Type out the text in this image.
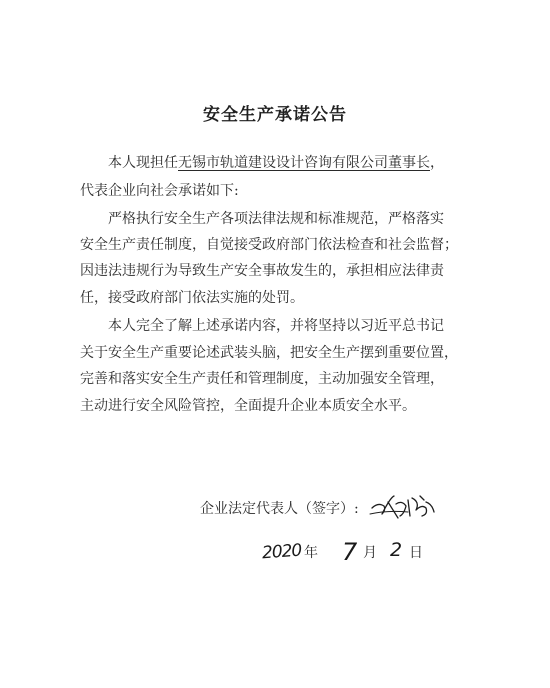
安全生产承诺公告
本人现担任无锡市轨道建设设计咨询有限公司董事长，
代表企业向社会承诺如下:
严格执行安全生产各项法律法规和标准规范，严格落实
安全生产责任制度，自觉接受政府部门依法检查和社会监督；
因违法违规行为导致生产安全事故发生的，承担相应法律责
任，接受政府部门依法实施的处罚。
本人完全了解上述承诺内容，并将坚持以习近平总书记
关于安全生产重要论述武装头脑，把安全生产摆到重要位置，
完善和落实安全生产责任和管理制度，主动加强安全管理，
主动进行安全风险管控，全面提升企业本质安全水平。
企业法定代表人（签字）:
2020 年 7 月 2 日
